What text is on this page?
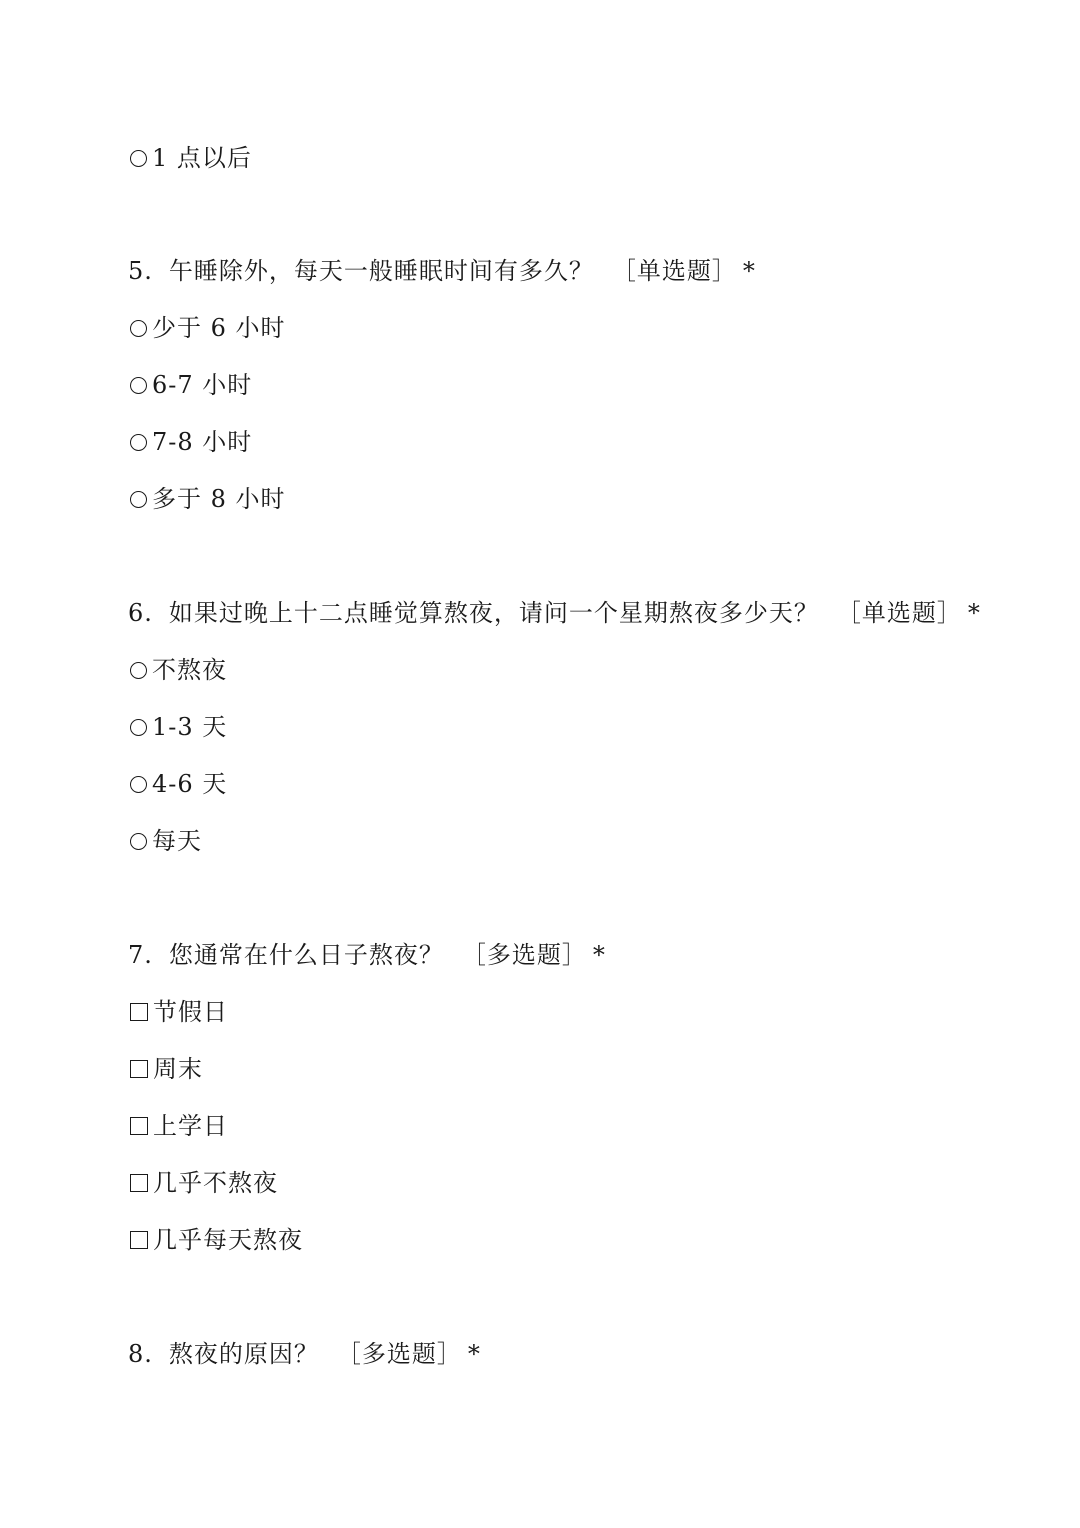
1 点以后
5. 午睡除外，每天一般睡眠时间有多久？ ［单选题］ *
少于 6 小时
6-7 小时
7-8 小时
多于 8 小时
6. 如果过晚上十二点睡觉算熬夜，请问一个星期熬夜多少天？ ［单选题］ *
不熬夜
1-3 天
4-6 天
每天
7. 您通常在什么日子熬夜？ ［多选题］ *
节假日
周末
上学日
几乎不熬夜
几乎每天熬夜
8. 熬夜的原因？ ［多选题］ *
